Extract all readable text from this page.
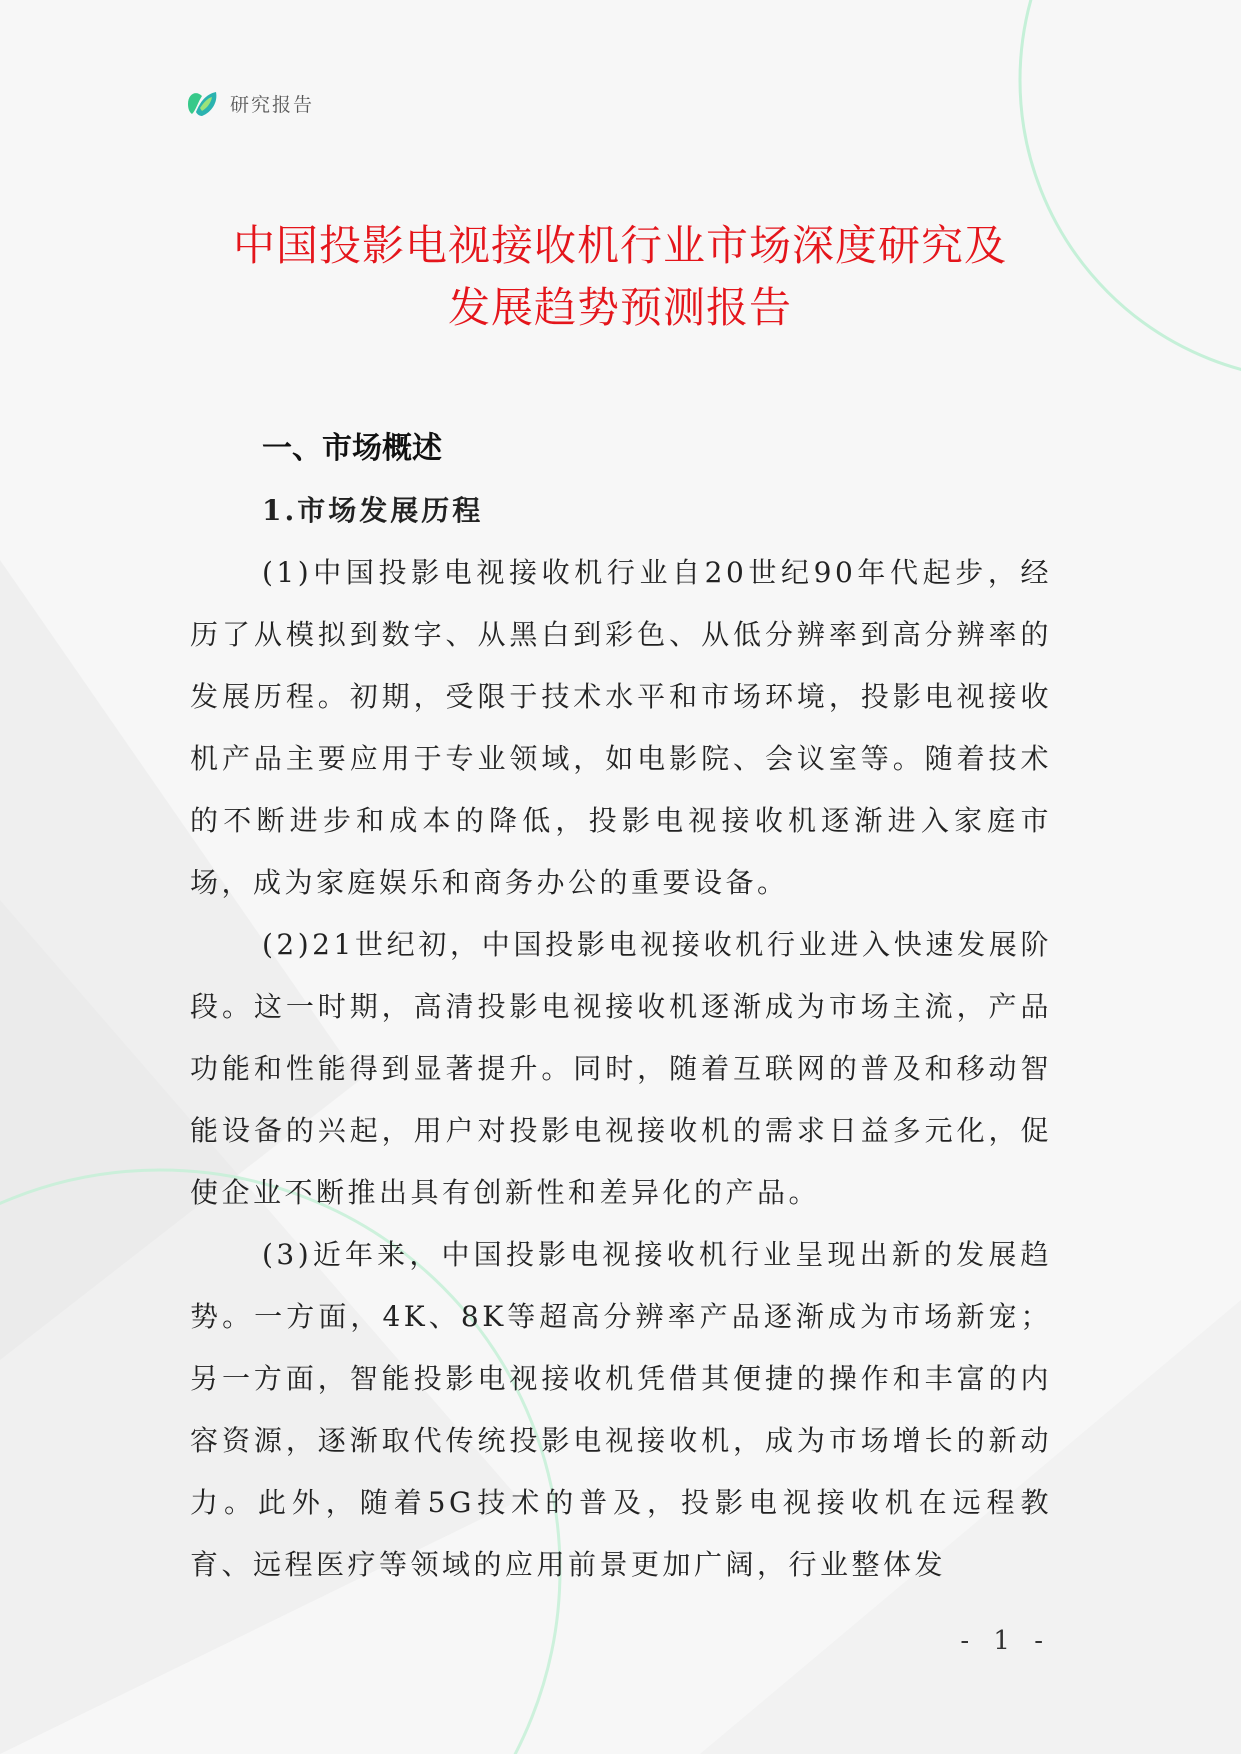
研究报告
中国投影电视接收机行业市场深度研究及
发展趋势预测报告
一、市场概述
1.市场发展历程

(1)中国投影电视接收机行业自20世纪90年代起步，经历了从模拟到数字、从黑白到彩色、从低分辨率到高分辨率的发展历程。初期，受限于技术水平和市场环境，投影电视接收机产品主要应用于专业领域，如电影院、会议室等。随着技术的不断进步和成本的降低，投影电视接收机逐渐进入家庭市场，成为家庭娱乐和商务办公的重要设备。

(2)21世纪初，中国投影电视接收机行业进入快速发展阶段。这一时期，高清投影电视接收机逐渐成为市场主流，产品功能和性能得到显著提升。同时，随着互联网的普及和移动智能设备的兴起，用户对投影电视接收机的需求日益多元化，促使企业不断推出具有创新性和差异化的产品。

(3)近年来，中国投影电视接收机行业呈现出新的发展趋势。一方面，4K、8K等超高分辨率产品逐渐成为市场新宠；另一方面，智能投影电视接收机凭借其便捷的操作和丰富的内容资源，逐渐取代传统投影电视接收机，成为市场增长的新动力。此外，随着5G技术的普及，投影电视接收机在远程教育、远程医疗等领域的应用前景更加广阔，行业整体发

- 1 -
